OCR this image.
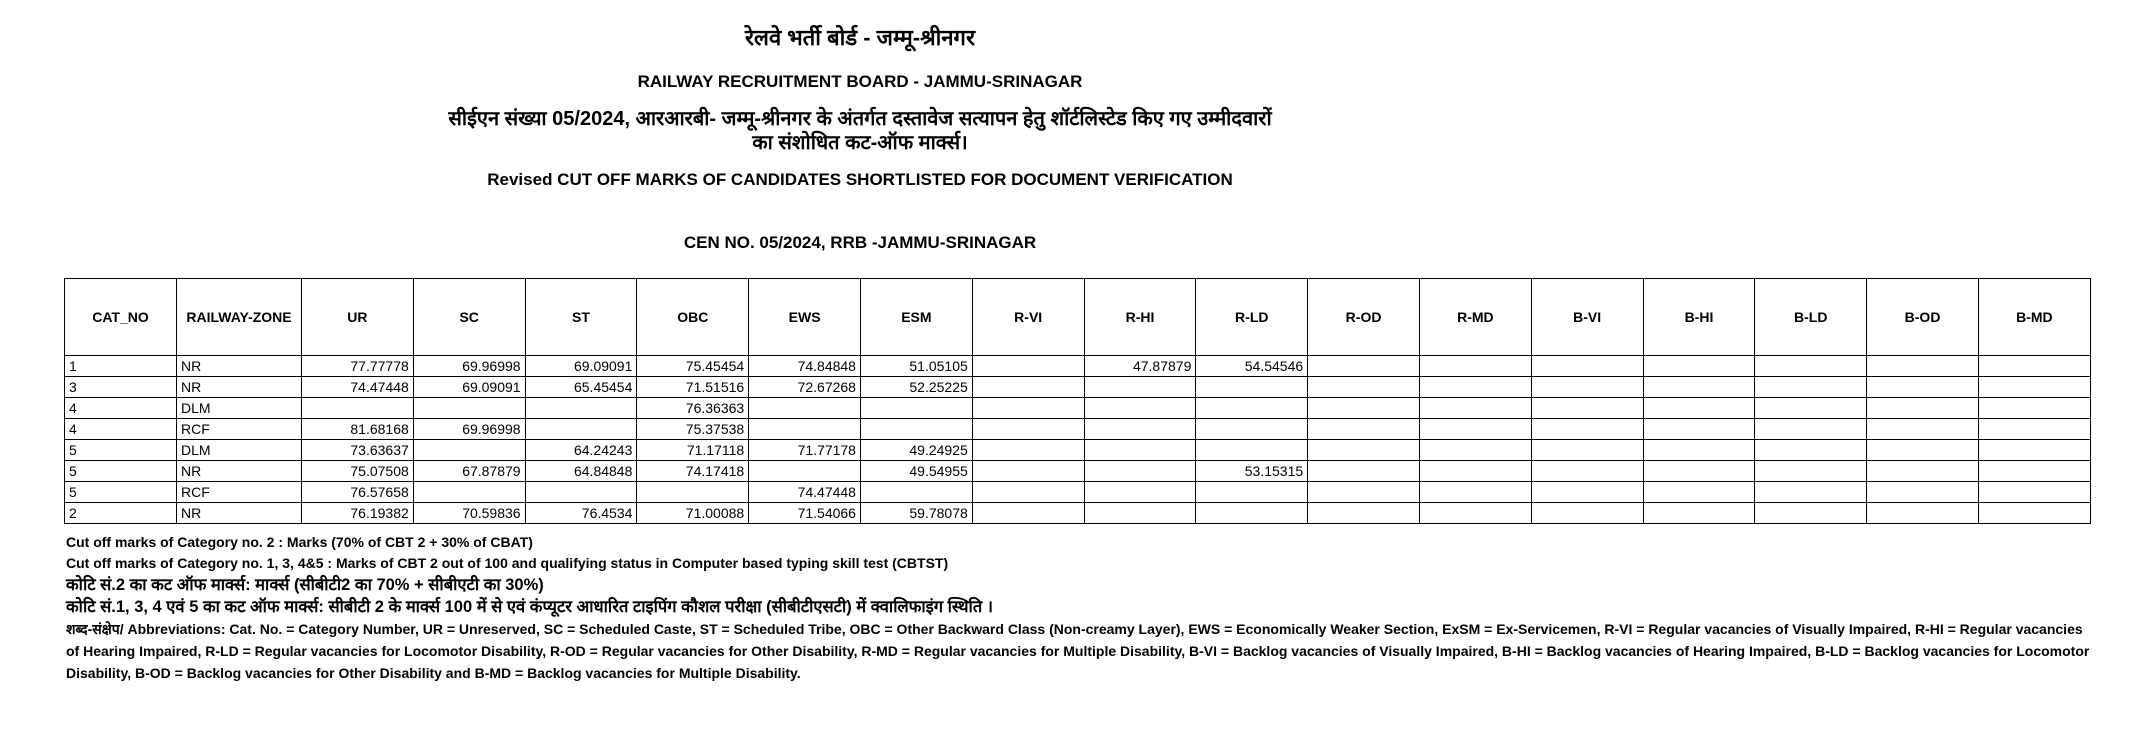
रेलवे भर्ती बोर्ड - जम्मू-श्रीनगर
RAILWAY RECRUITMENT BOARD - JAMMU-SRINAGAR
सीईएन संख्या 05/2024, आरआरबी- जम्मू-श्रीनगर के अंतर्गत दस्तावेज सत्यापन हेतु शॉर्टलिस्टेड किए गए उम्मीदवारों
का संशोधित कट-ऑफ मार्क्स।
Revised CUT OFF MARKS OF CANDIDATES SHORTLISTED FOR DOCUMENT VERIFICATION
CEN NO. 05/2024, RRB -JAMMU-SRINAGAR
CAT_NO	RAILWAY-ZONE	UR	SC	ST	OBC	EWS	ESM	R-VI	R-HI	R-LD	R-OD	R-MD	B-VI	B-HI	B-LD	B-OD	B-MD
1	NR	77.77778	69.96998	69.09091	75.45454	74.84848	51.05105		47.87879	54.54546							
3	NR	74.47448	69.09091	65.45454	71.51516	72.67268	52.25225										
4	DLM				76.36363												
4	RCF	81.68168	69.96998		75.37538												
5	DLM	73.63637		64.24243	71.17118	71.77178	49.24925										
5	NR	75.07508	67.87879	64.84848	74.17418		49.54955			53.15315							
5	RCF	76.57658				74.47448											
2	NR	76.19382	70.59836	76.4534	71.00088	71.54066	59.78078										
Cut off marks of Category no. 2 : Marks (70% of CBT 2 + 30% of CBAT)
Cut off marks of Category no. 1, 3, 4&5 : Marks of CBT 2 out of 100 and qualifying status in Computer based typing skill test (CBTST)
कोटि सं.2 का कट ऑफ मार्क्स: मार्क्स (सीबीटी2 का 70% + सीबीएटी का 30%)
कोटि सं.1, 3, 4 एवं 5 का कट ऑफ मार्क्स: सीबीटी 2 के मार्क्स 100 में से एवं कंप्यूटर आधारित टाइपिंग कौशल परीक्षा (सीबीटीएसटी) में क्वालिफाइंग स्थिति ।
शब्द-संक्षेप/ Abbreviations: Cat. No. = Category Number, UR = Unreserved, SC = Scheduled Caste, ST = Scheduled Tribe, OBC = Other Backward Class (Non-creamy Layer), EWS = Economically Weaker Section, ExSM = Ex-Servicemen, R-VI = Regular vacancies of Visually Impaired, R-HI = Regular vacancies of Hearing Impaired, R-LD = Regular vacancies for Locomotor Disability, R-OD = Regular vacancies for Other Disability, R-MD = Regular vacancies for Multiple Disability, B-VI = Backlog vacancies of Visually Impaired, B-HI = Backlog vacancies of Hearing Impaired, B-LD = Backlog vacancies for Locomotor Disability, B-OD = Backlog vacancies for Other Disability and B-MD = Backlog vacancies for Multiple Disability.
